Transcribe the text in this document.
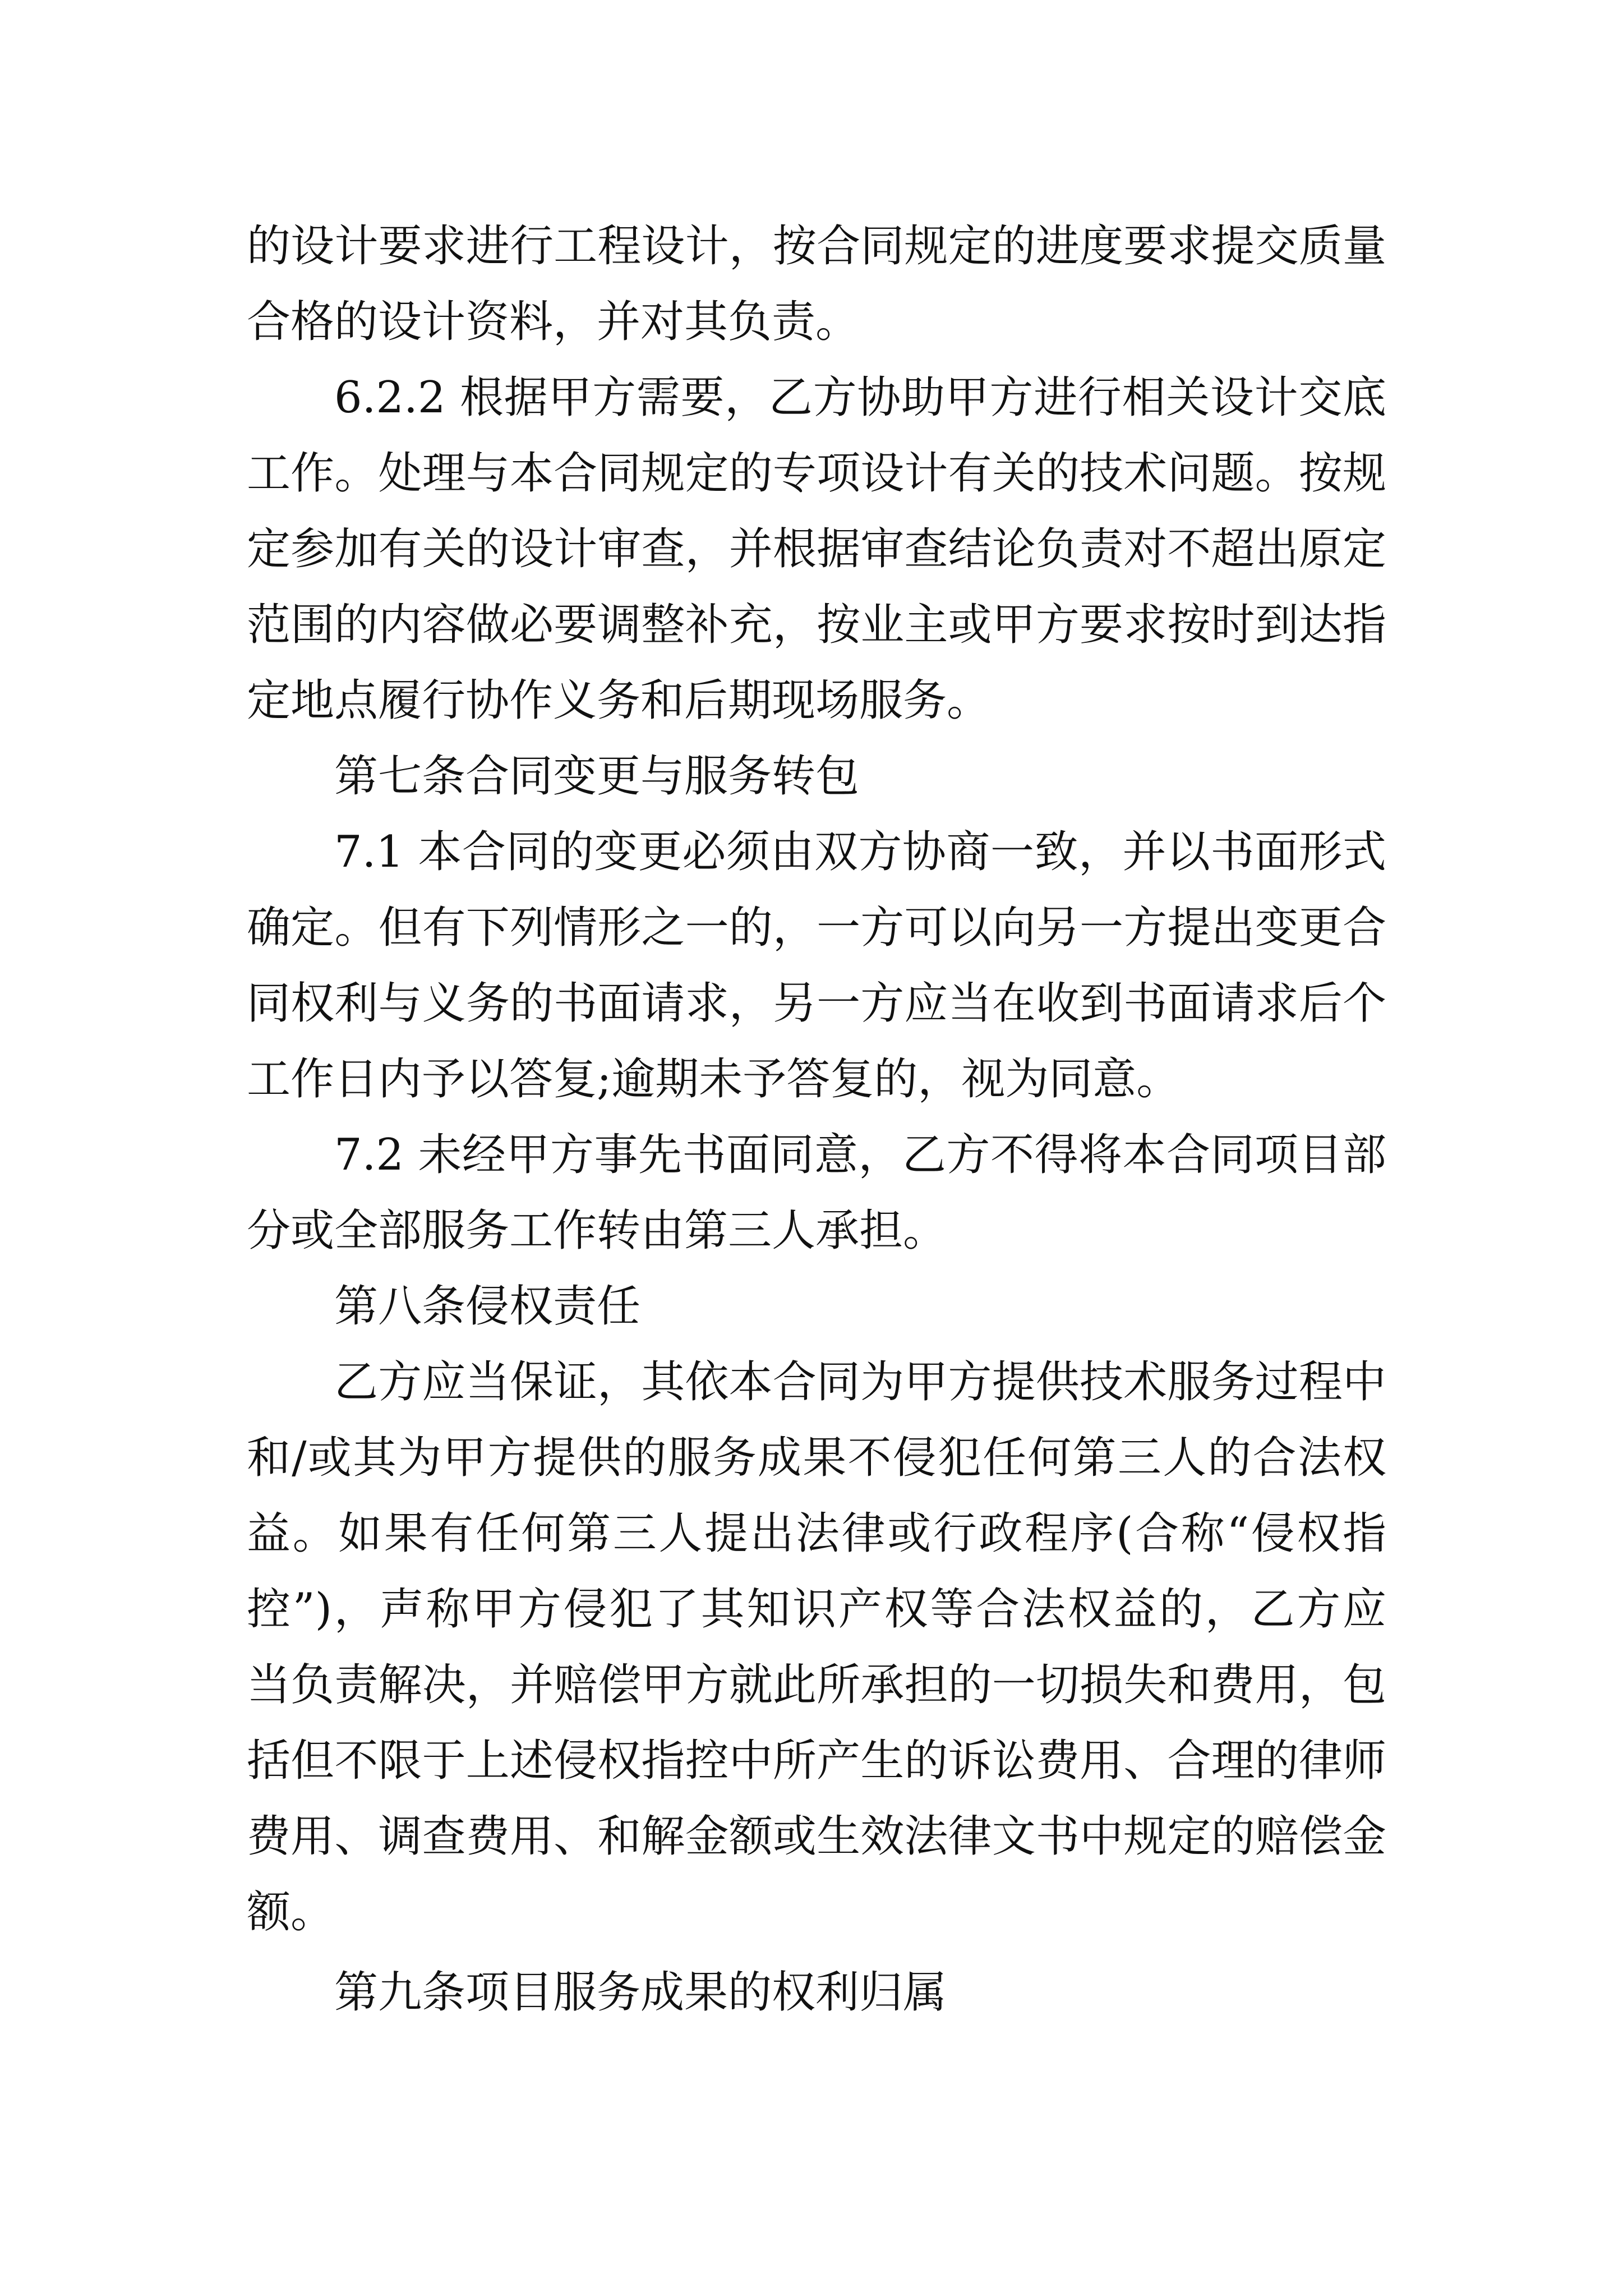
的设计要求进行工程设计，按合同规定的进度要求提交质量
合格的设计资料，并对其负责。
6.2.2 根据甲方需要，乙方协助甲方进行相关设计交底
工作。处理与本合同规定的专项设计有关的技术问题。按规
定参加有关的设计审查，并根据审查结论负责对不超出原定
范围的内容做必要调整补充，按业主或甲方要求按时到达指
定地点履行协作义务和后期现场服务。
第七条合同变更与服务转包
7.1 本合同的变更必须由双方协商一致，并以书面形式
确定。但有下列情形之一的，一方可以向另一方提出变更合
同权利与义务的书面请求，另一方应当在收到书面请求后个
工作日内予以答复;逾期未予答复的，视为同意。
7.2 未经甲方事先书面同意，乙方不得将本合同项目部
分或全部服务工作转由第三人承担。
第八条侵权责任
乙方应当保证，其依本合同为甲方提供技术服务过程中
和/或其为甲方提供的服务成果不侵犯任何第三人的合法权
益。如果有任何第三人提出法律或行政程序(合称“侵权指
控”)，声称甲方侵犯了其知识产权等合法权益的，乙方应
当负责解决，并赔偿甲方就此所承担的一切损失和费用，包
括但不限于上述侵权指控中所产生的诉讼费用、合理的律师
费用、调查费用、和解金额或生效法律文书中规定的赔偿金
额。
第九条项目服务成果的权利归属
